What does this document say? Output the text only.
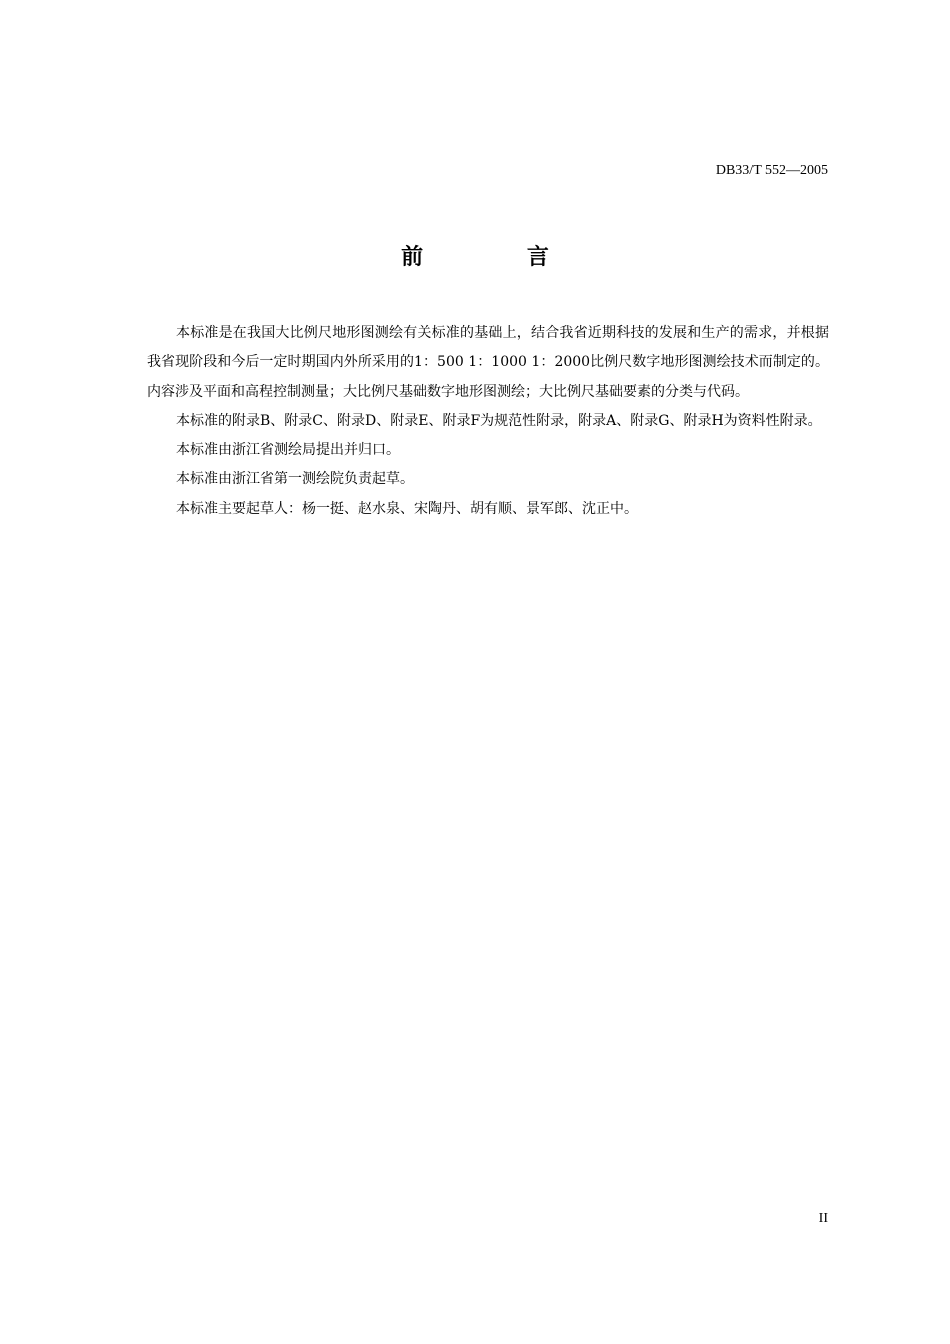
DB33/T 552—2005
前 言

本标准是在我国大比例尺地形图测绘有关标准的基础上，结合我省近期科技的发展和生产的需求，并根据我省现阶段和今后一定时期国内外所采用的1：500 1：1000 1：2000比例尺数字地形图测绘技术而制定的。内容涉及平面和高程控制测量；大比例尺基础数字地形图测绘；大比例尺基础要素的分类与代码。

本标准的附录B、附录C、附录D、附录E、附录F为规范性附录，附录A、附录G、附录H为资料性附录。

本标准由浙江省测绘局提出并归口。

本标准由浙江省第一测绘院负责起草。

本标准主要起草人：杨一挺、赵水泉、宋陶丹、胡有顺、景军郎、沈正中。

II
